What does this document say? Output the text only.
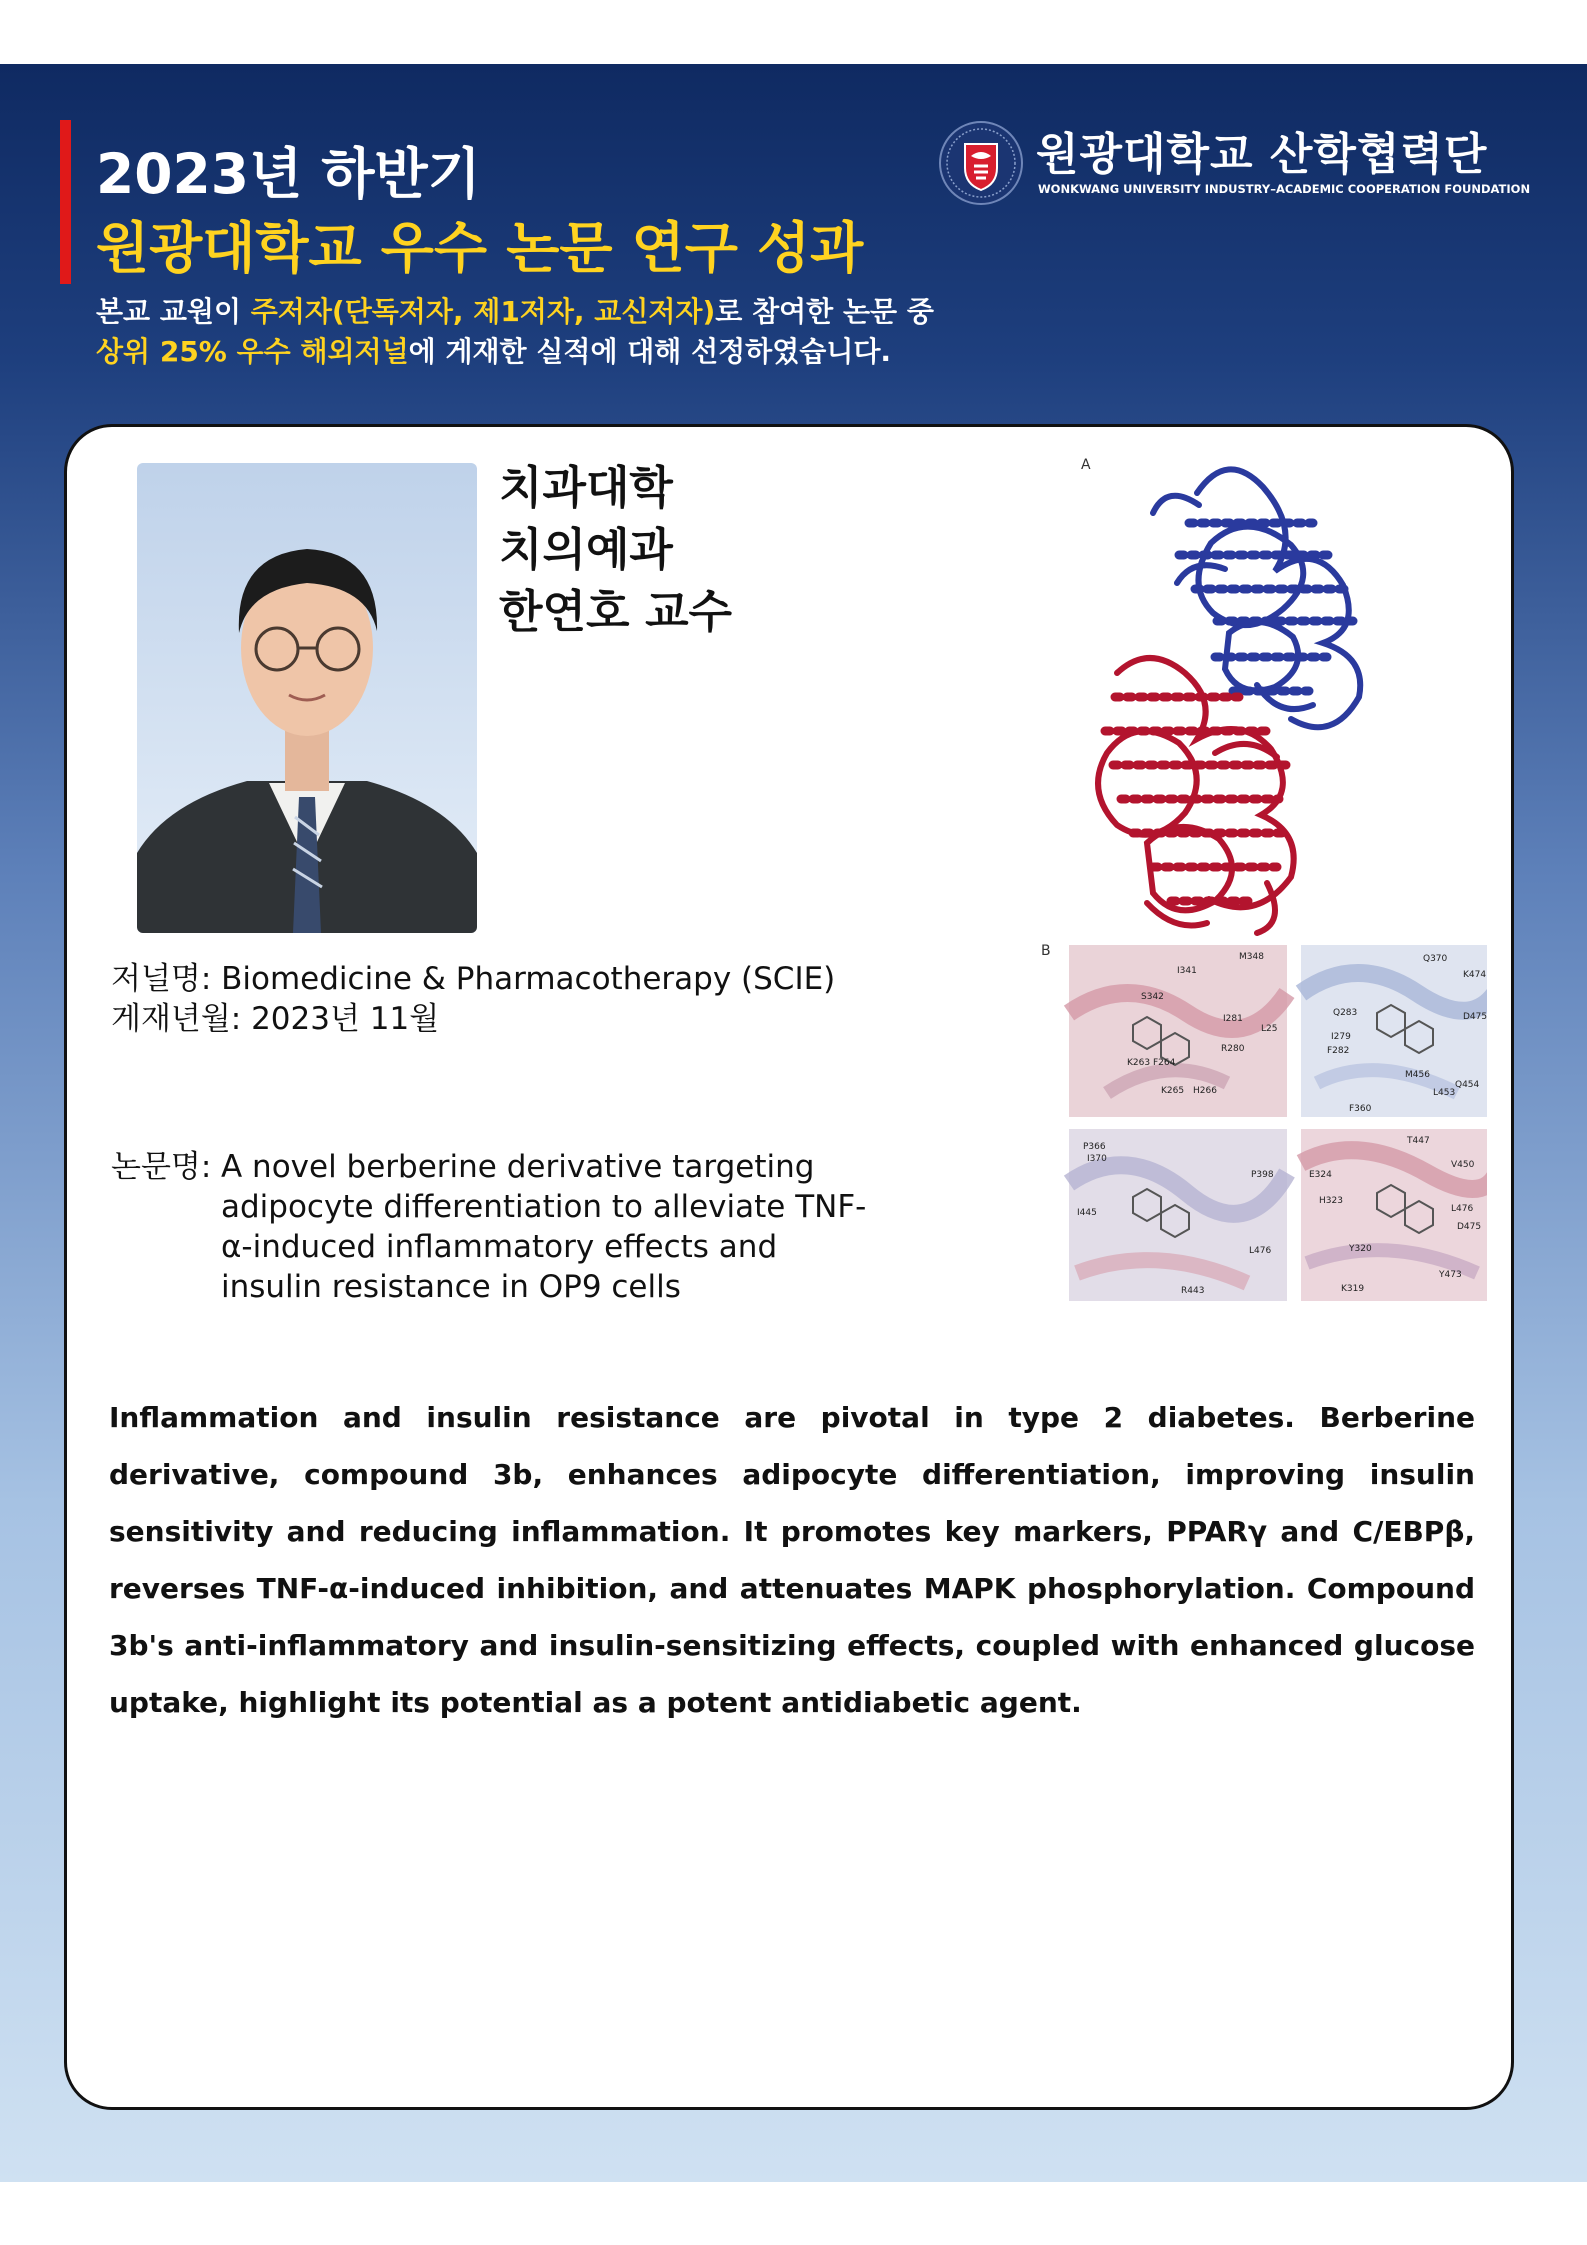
2023년 하반기
원광대학교 우수 논문 연구 성과
본교 교원이 주저자(단독저자, 제1저자, 교신저자)로 참여한 논문 중
상위 25% 우수 해외저널에 게재한 실적에 대해 선정하였습니다.
원광대학교 산학협력단
WONKWANG UNIVERSITY INDUSTRY–ACADEMIC COOPERATION FOUNDATION
치과대학
치의예과
한연호 교수
A
B	M348
I341
S342
I281
R280
L25
K263 F264
K265 H266
Q370
K474
Q283	D475
I279
F282
M456
L453
Q454
F360
P366
I370
P398
I445
L476
R443
T447
V450
E324
H323
L476
D475
Y320
K319
Y473
저널명: Biomedicine & Pharmacotherapy (SCIE)
게재년월: 2023년 11월
논문명: A novel berberine derivative targeting adipocyte differentiation to alleviate TNF-α-induced inflammatory effects and insulin resistance in OP9 cells
Inflammation and insulin resistance are pivotal in type 2 diabetes. Berberine derivative, compound 3b, enhances adipocyte differentiation, improving insulin sensitivity and reducing inflammation. It promotes key markers, PPARγ and C/EBPβ, reverses TNF-α-induced inhibition, and attenuates MAPK phosphorylation. Compound 3b's anti-inflammatory and insulin-sensitizing effects, coupled with enhanced glucose uptake, highlight its potential as a potent antidiabetic agent.
